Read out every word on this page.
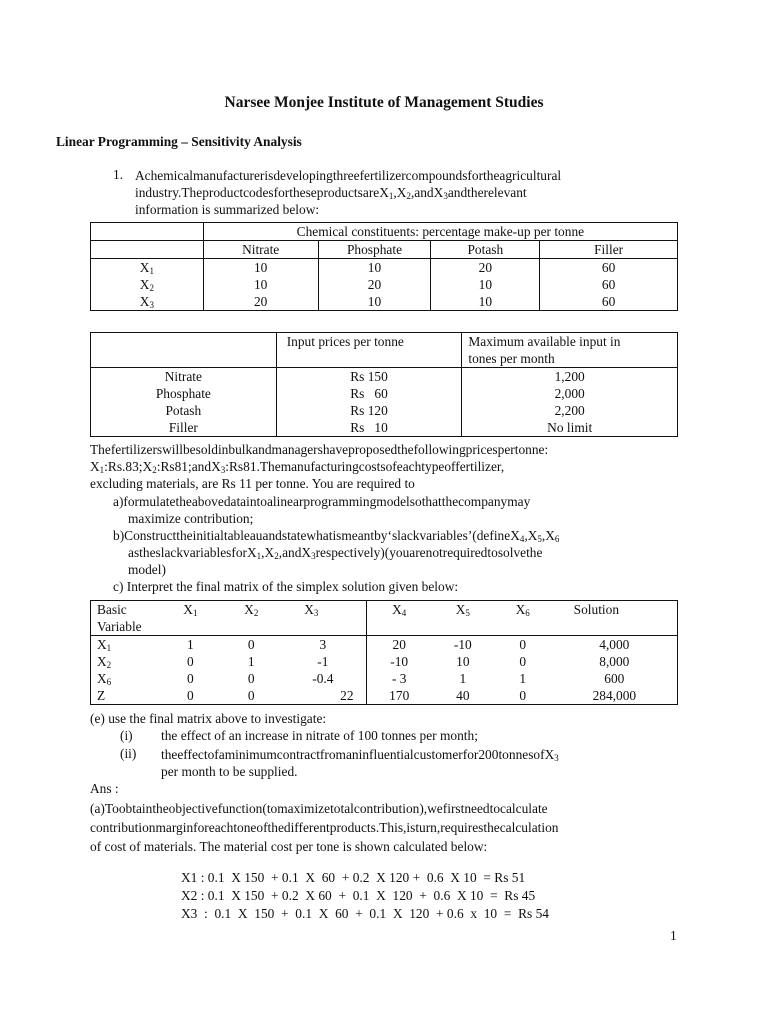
Narsee Monjee Institute of Management Studies
Linear Programming – Sensitivity Analysis
1. Achemicalmanufacturerisdevelopingthreefertilizercompoundsfortheagricultural
$industry.TheproductcodesfortheseproductsareX_1,X_2,andX_3andtherelevant$
information is summarized below:
	Chemical constituents: percentage make-up per tonne			
	Nitrate	Phosphate	Potash	Filler
$X_1$	10	10	20	60
$X_2$	10	20	10	60
$X_3$	20	10	10	60
	Input prices per tonne	Maximum available input in
tones per month

Nitrate	Rs 150	1,200
Phosphate	Rs   60	2,000
Potash	Rs 120	2,200
Filler	Rs   10	No limit
Thefertilizerswillbesoldinbulkandmanagershaveproposedthefollowingpricespertonne:
$X_1:Rs.83;X_2:Rs81;andX_3:Rs81.Themanufacturingcostsofeachtypeoffertilizer$,
excluding materials, are Rs 11 per tonne. You are required to
a)formulatetheabovedataintoalinearprogrammingmodelsothatthecompanymay
maximize contribution;
$b)Constructtheinitialtableauandstatewhatismeantby‘slackvariables’(defineX_4,X_5,X_6$
$astheslackvariablesforX_1,X_2,andX_3respectively)(youarenotrequiredtosolvethe$
model)
c) Interpret the final matrix of the simplex solution given below:
Basic
Variable	$X_1$	$X_2$	$X_3$	$X_4$	$X_5$	$X_6$	Solution
$X_1$	1	0	3	20	-10	0	4,000
$X_2$	0	1	-1	-10	10	0	8,000
$X_6$	0	0	-0.4	- 3	1	1	600
Z	0	0	22	170	40	0	284,000
(e) use the final matrix above to investigate:
(i) the effect of an increase in nitrate of 100 tonnes per month;
(ii) theeffectofaminimumcontractfromaninfluentialcustomerfor200tonnesofX$_3$
per month to be supplied.
Ans :
(a)Toobtaintheobjectivefunction(tomaximizetotalcontribution),wefirstneedtocalculate
contributionmarginforeachtoneofthedifferentproducts.This,isturn,requiresthecalculation
of cost of materials. The material cost per tone is shown calculated below:
X1 : 0.1  X 150  + 0.1  X  60  + 0.2  X 120 +  0.6  X 10  = Rs 51
X2 : 0.1  X 150  + 0.2  X 60  +  0.1  X  120  +  0.6  X 10  =  Rs 45
X3  :  0.1  X  150  +  0.1  X  60  +  0.1  X  120  + 0.6  x  10  =  Rs 54
1
